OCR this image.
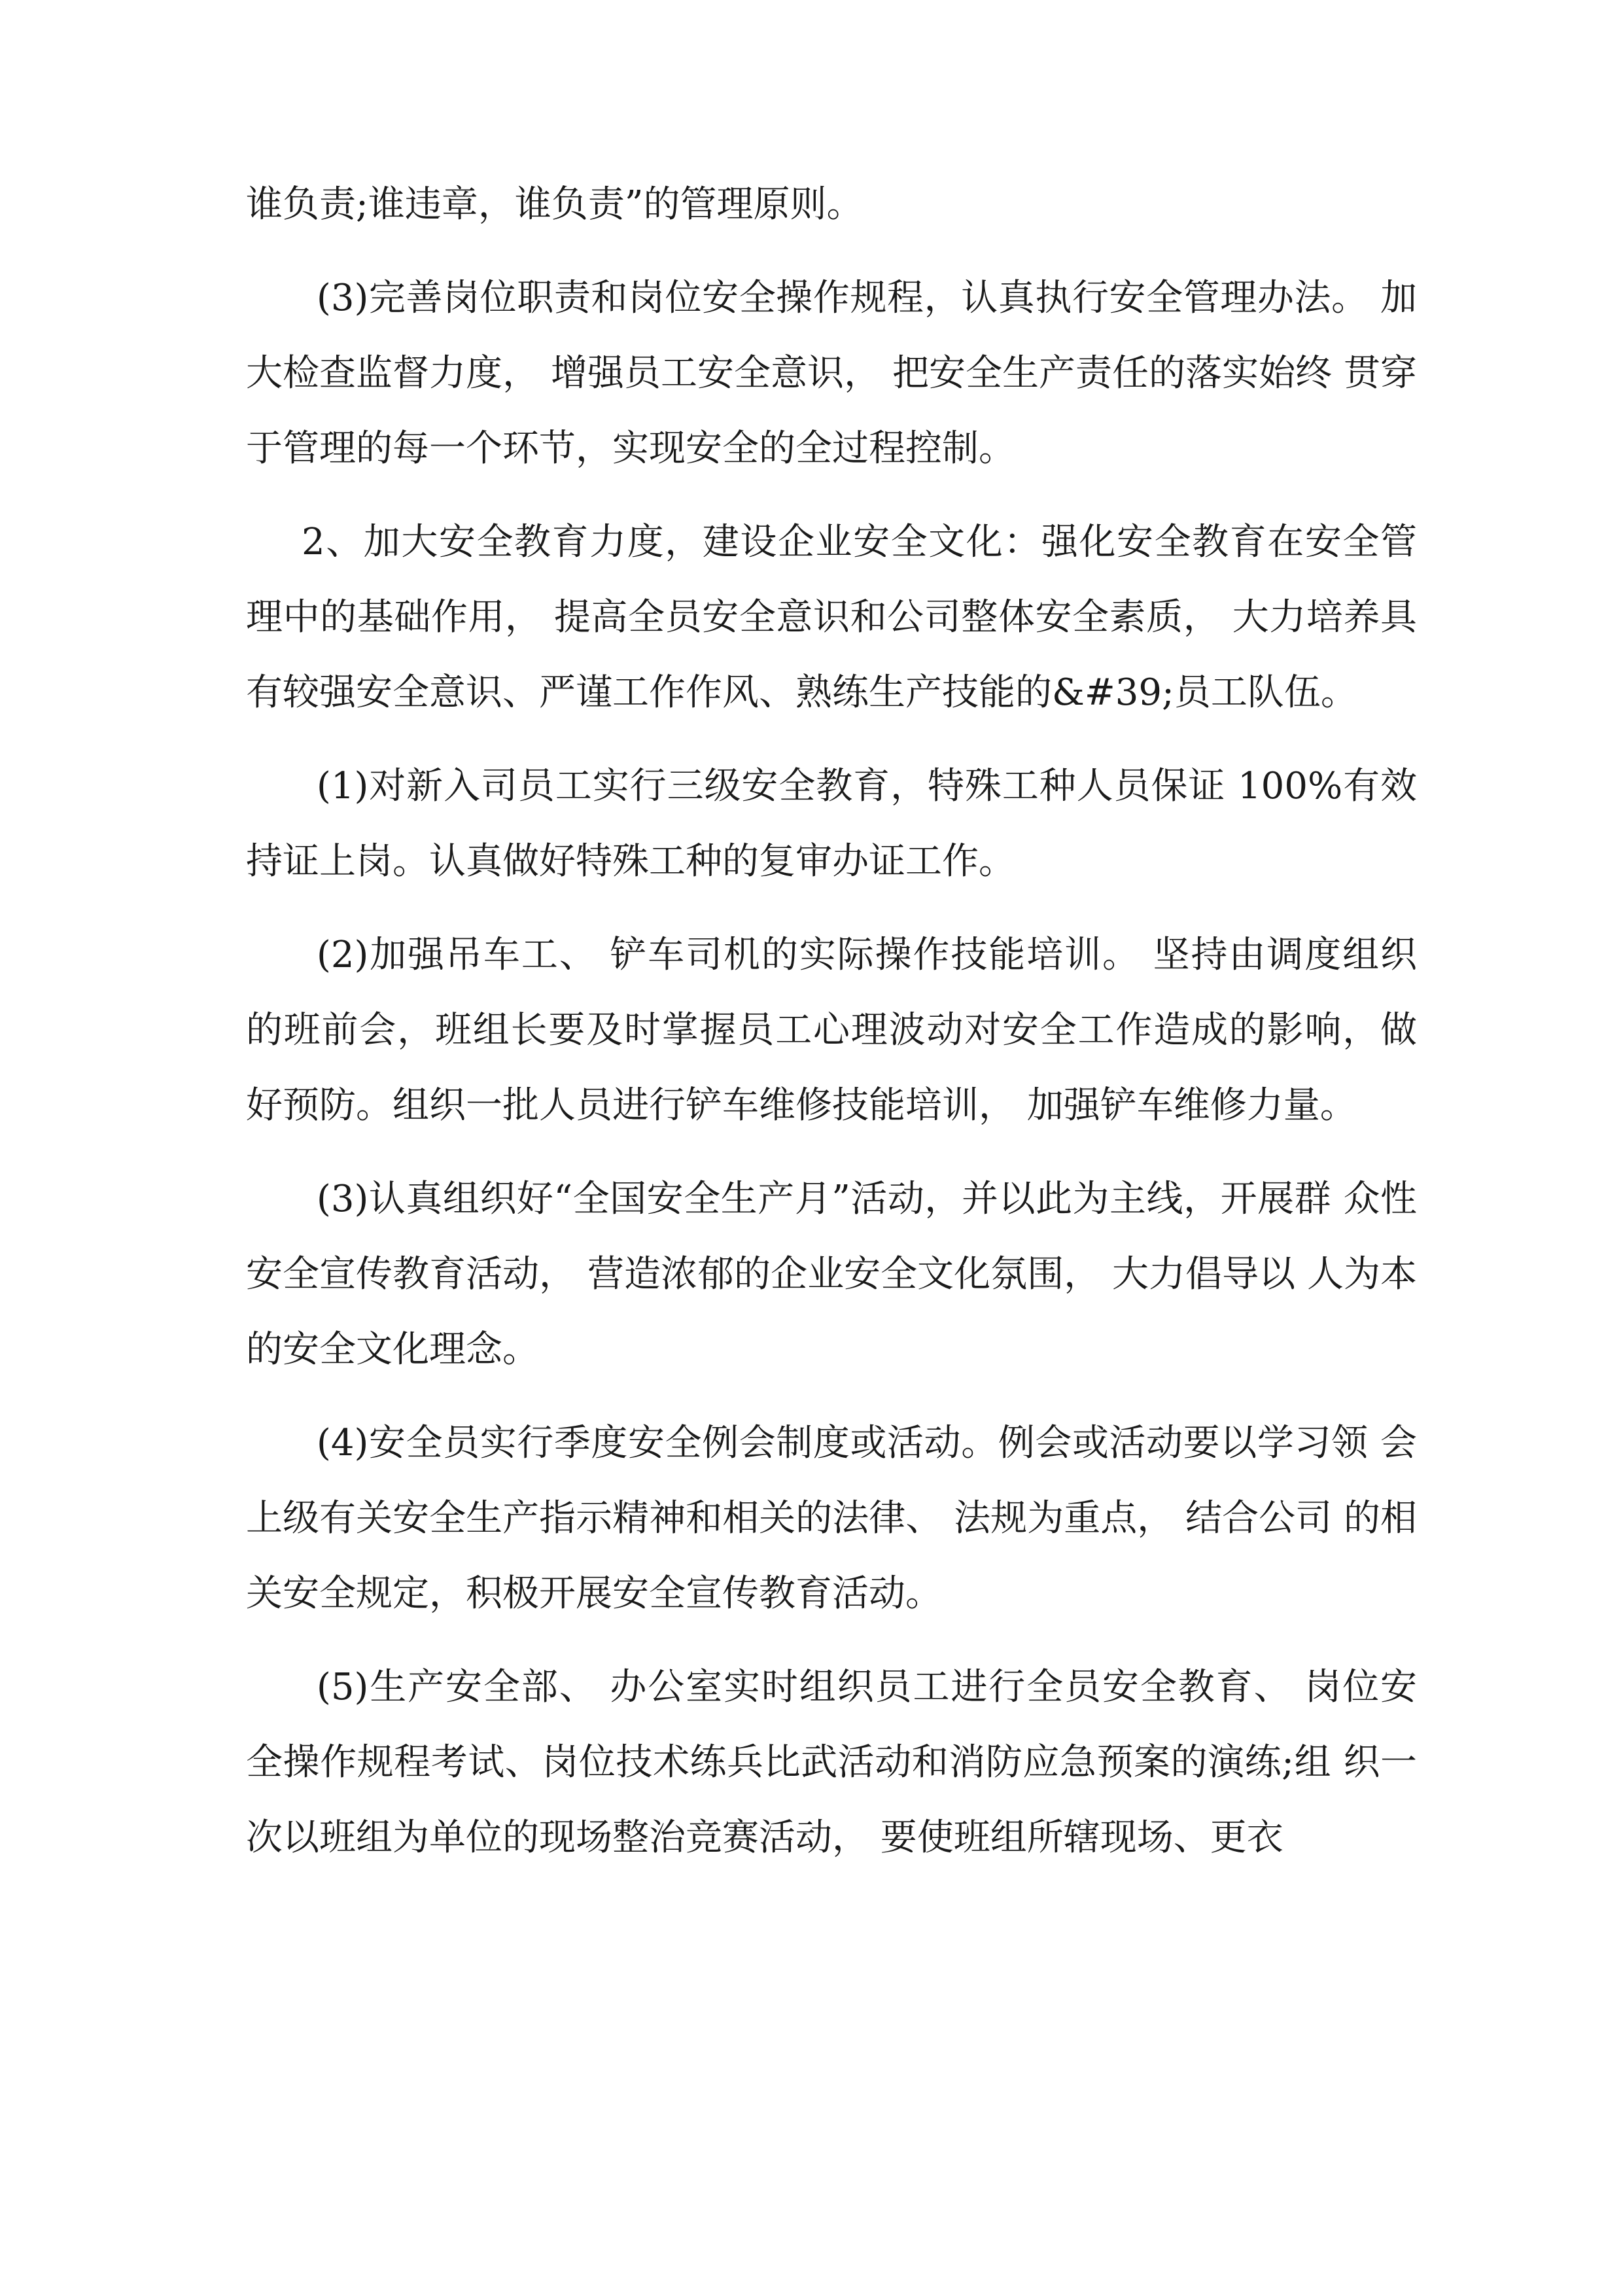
谁负责;谁违章，谁负责”的管理原则。

(3)完善岗位职责和岗位安全操作规程，认真执行安全管理办法。 加大检查监督力度， 增强员工安全意识， 把安全生产责任的落实始终 贯穿于管理的每一个环节，实现安全的全过程控制。

2、加大安全教育力度，建设企业安全文化：强化安全教育在安全管理中的基础作用， 提高全员安全意识和公司整体安全素质， 大力培养具有较强安全意识、严谨工作作风、熟练生产技能的&#39;员工队伍。

(1)对新入司员工实行三级安全教育，特殊工种人员保证 100%有效持证上岗。认真做好特殊工种的复审办证工作。

(2)加强吊车工、 铲车司机的实际操作技能培训。 坚持由调度组织的班前会，班组长要及时掌握员工心理波动对安全工作造成的影响，做好预防。组织一批人员进行铲车维修技能培训， 加强铲车维修力量。

(3)认真组织好“全国安全生产月”活动，并以此为主线，开展群 众性安全宣传教育活动， 营造浓郁的企业安全文化氛围， 大力倡导以 人为本的安全文化理念。

(4)安全员实行季度安全例会制度或活动。例会或活动要以学习领 会上级有关安全生产指示精神和相关的法律、 法规为重点， 结合公司 的相关安全规定，积极开展安全宣传教育活动。

(5)生产安全部、 办公室实时组织员工进行全员安全教育、 岗位安 全操作规程考试、岗位技术练兵比武活动和消防应急预案的演练;组 织一次以班组为单位的现场整治竞赛活动， 要使班组所辖现场、更衣
